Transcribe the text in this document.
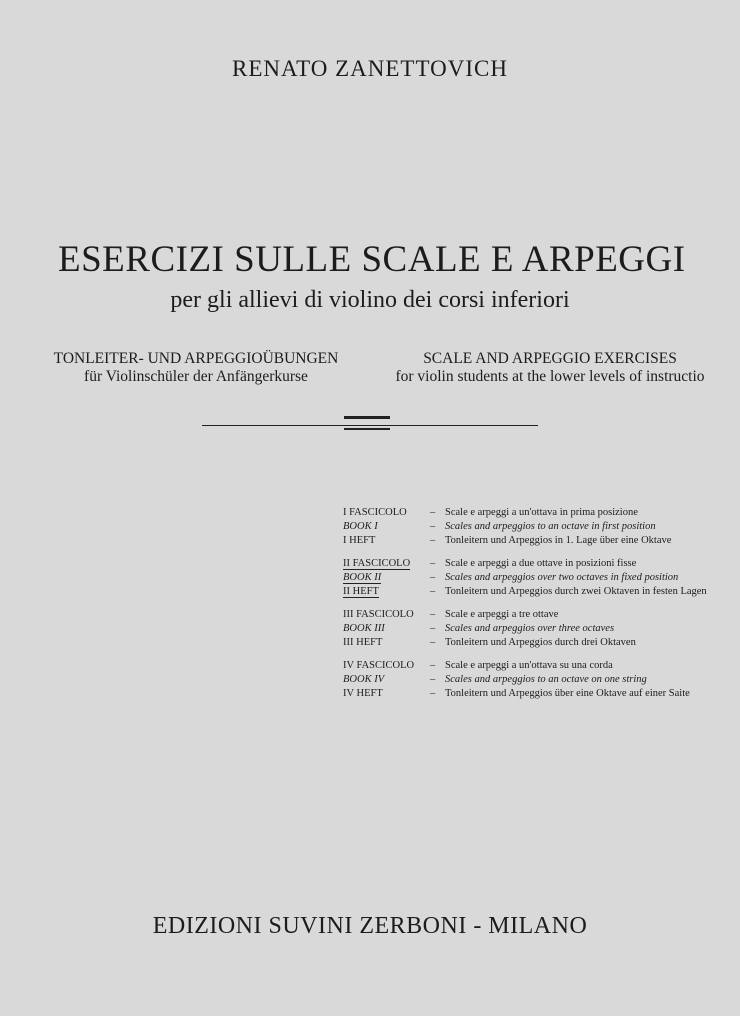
RENATO ZANETTOVICH
ESERCIZI SULLE SCALE E ARPEGGI
per gli allievi di violino dei corsi inferiori
TONLEITER- UND ARPEGGIOÜBUNGEN
für Violinschüler der Anfängerkurse
SCALE AND ARPEGGIO EXERCISES
for violin students at the lower levels of instructio
I FASCICOLO	– Scale e arpeggi a un'ottava in prima posizione
BOOK I	– Scales and arpeggios to an octave in first position
I HEFT	– Tonleitern und Arpeggios in 1. Lage über eine Oktave
II FASCICOLO	– Scale e arpeggi a due ottave in posizioni fisse
BOOK II	– Scales and arpeggios over two octaves in fixed position
II HEFT	– Tonleitern und Arpeggios durch zwei Oktaven in festen Lagen
III FASCICOLO	– Scale e arpeggi a tre ottave
BOOK III	– Scales and arpeggios over three octaves
III HEFT	– Tonleitern und Arpeggios durch drei Oktaven
IV FASCICOLO	– Scale e arpeggi a un'ottava su una corda
BOOK IV	– Scales and arpeggios to an octave on one string
IV HEFT	– Tonleitern und Arpeggios über eine Oktave auf einer Saite
EDIZIONI SUVINI ZERBONI - MILANO
